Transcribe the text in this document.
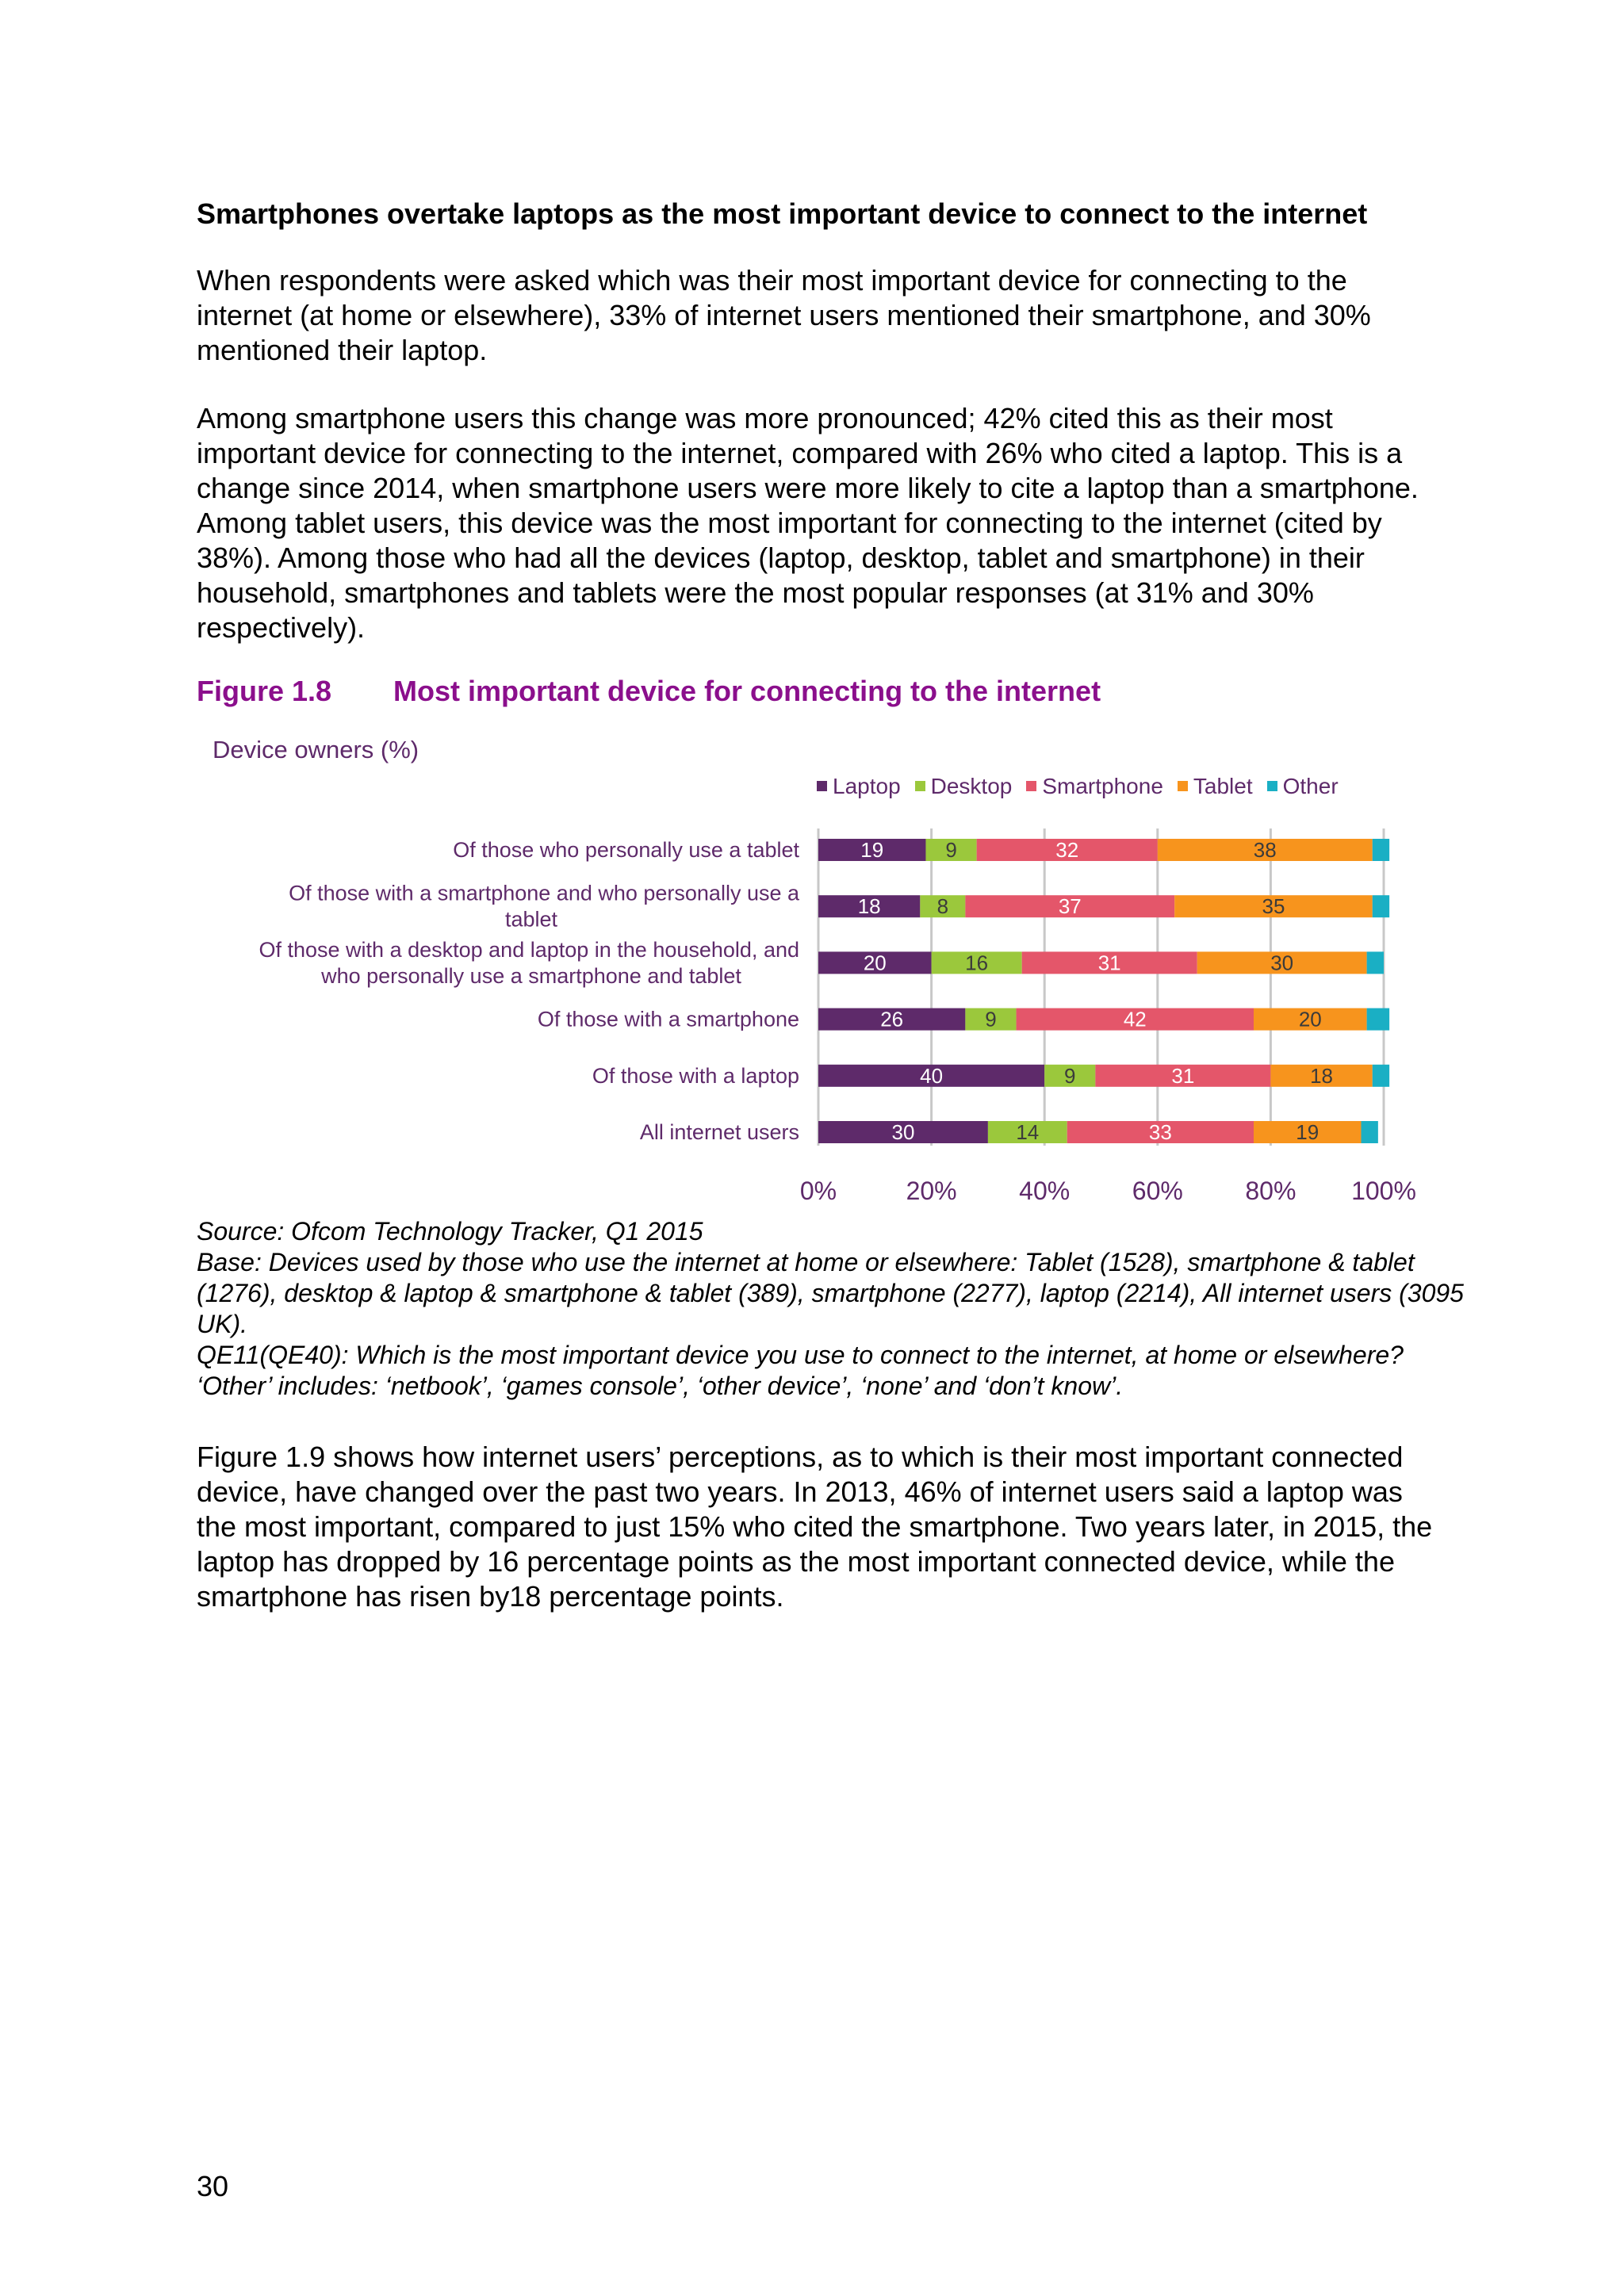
Smartphones overtake laptops as the most important device to connect to the internet

When respondents were asked which was their most important device for connecting to the internet (at home or elsewhere), 33% of internet users mentioned their smartphone, and 30% mentioned their laptop.

Among smartphone users this change was more pronounced; 42% cited this as their most important device for connecting to the internet, compared with 26% who cited a laptop. This is a change since 2014, when smartphone users were more likely to cite a laptop than a smartphone. Among tablet users, this device was the most important for connecting to the internet (cited by 38%). Among those who had all the devices (laptop, desktop, tablet and smartphone) in their household, smartphones and tablets were the most popular responses (at 31% and 30% respectively).

Figure 1.8 Most important device for connecting to the internet
Device owners (%)
Laptop Desktop Smartphone Tablet Other
0%	20% 40% 60% 80% 100%
Of those who personally use a tablet	19	9	32	38
Of those with a smartphone and who personally use a tablet
18	8	37	35
Of those with a desktop and laptop in the household, and who personally use a smartphone and tablet
20	16	31	30
Of those with a smartphone	26	9	42	20
Of those with a laptop	40	9	31	18
All internet users	30	14	33	19

Source: Ofcom Technology Tracker, Q1 2015

Base: Devices used by those who use the internet at home or elsewhere: Tablet (1528), smartphone & tablet (1276), desktop & laptop & smartphone & tablet (389), smartphone (2277), laptop (2214), All internet users (3095 UK).

QE11(QE40): Which is the most important device you use to connect to the internet, at home or elsewhere? ‘Other’ includes: ‘netbook’, ‘games console’, ‘other device’, ‘none’ and ‘don’t know’.

Figure 1.9 shows how internet users’ perceptions, as to which is their most important connected device, have changed over the past two years. In 2013, 46% of internet users said a laptop was the most important, compared to just 15% who cited the smartphone. Two years later, in 2015, the laptop has dropped by 16 percentage points as the most important connected device, while the smartphone has risen by18 percentage points.

30
